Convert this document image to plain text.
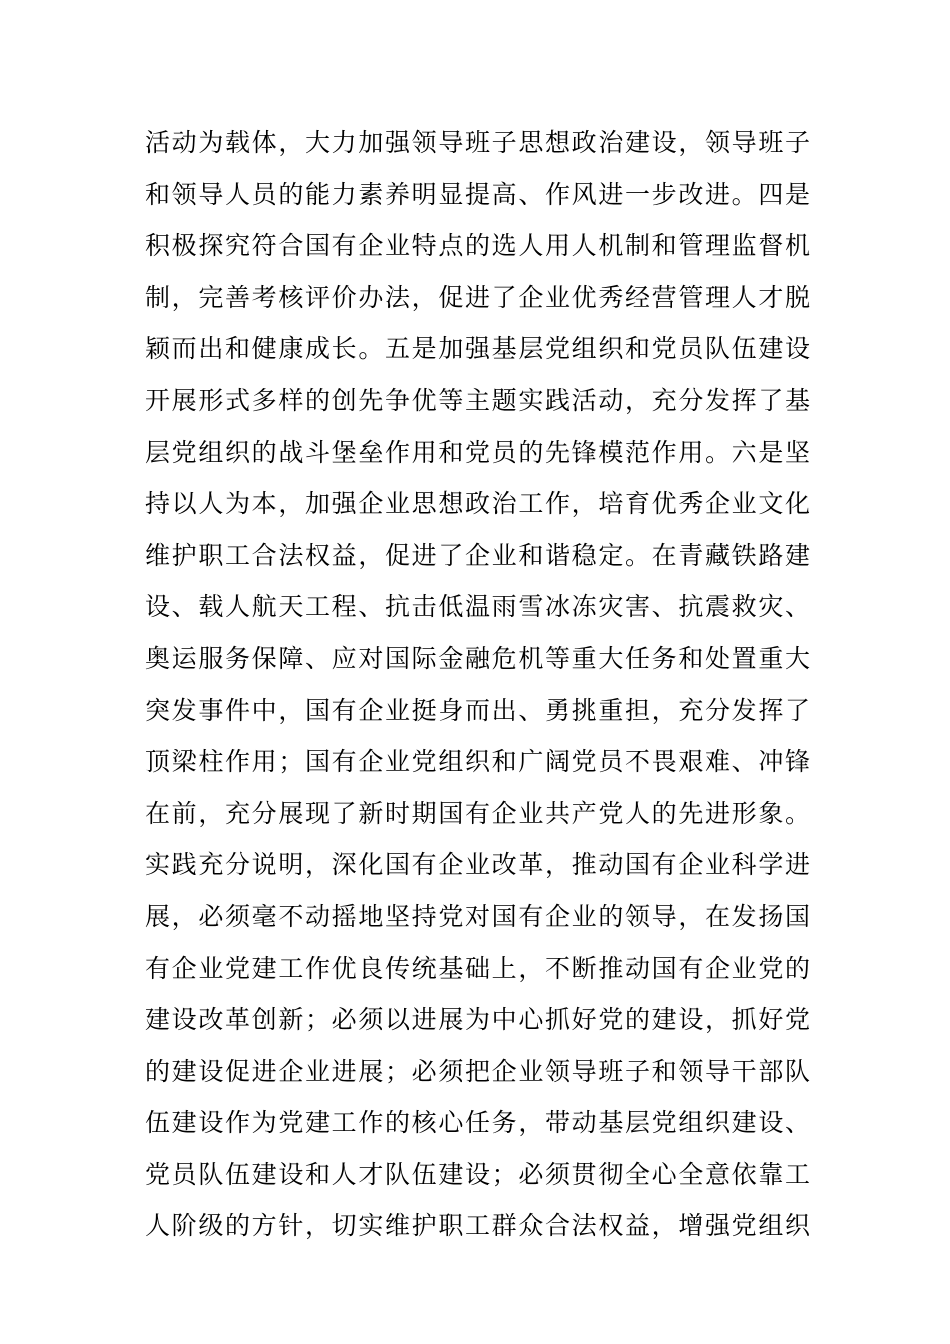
活动为载体，大力加强领导班子思想政治建设，领导班子
和领导人员的能力素养明显提高、作风进一步改进。四是
积极探究符合国有企业特点的选人用人机制和管理监督机
制，完善考核评价办法，促进了企业优秀经营管理人才脱
颖而出和健康成长。五是加强基层党组织和党员队伍建设
开展形式多样的创先争优等主题实践活动，充分发挥了基
层党组织的战斗堡垒作用和党员的先锋模范作用。六是坚
持以人为本，加强企业思想政治工作，培育优秀企业文化
维护职工合法权益，促进了企业和谐稳定。在青藏铁路建
设、载人航天工程、抗击低温雨雪冰冻灾害、抗震救灾、
奥运服务保障、应对国际金融危机等重大任务和处置重大
突发事件中，国有企业挺身而出、勇挑重担，充分发挥了
顶梁柱作用；国有企业党组织和广阔党员不畏艰难、冲锋
在前，充分展现了新时期国有企业共产党人的先进形象。
实践充分说明，深化国有企业改革，推动国有企业科学进
展，必须毫不动摇地坚持党对国有企业的领导，在发扬国
有企业党建工作优良传统基础上，不断推动国有企业党的
建设改革创新；必须以进展为中心抓好党的建设，抓好党
的建设促进企业进展；必须把企业领导班子和领导干部队
伍建设作为党建工作的核心任务，带动基层党组织建设、
党员队伍建设和人才队伍建设；必须贯彻全心全意依靠工
人阶级的方针，切实维护职工群众合法权益，增强党组织
